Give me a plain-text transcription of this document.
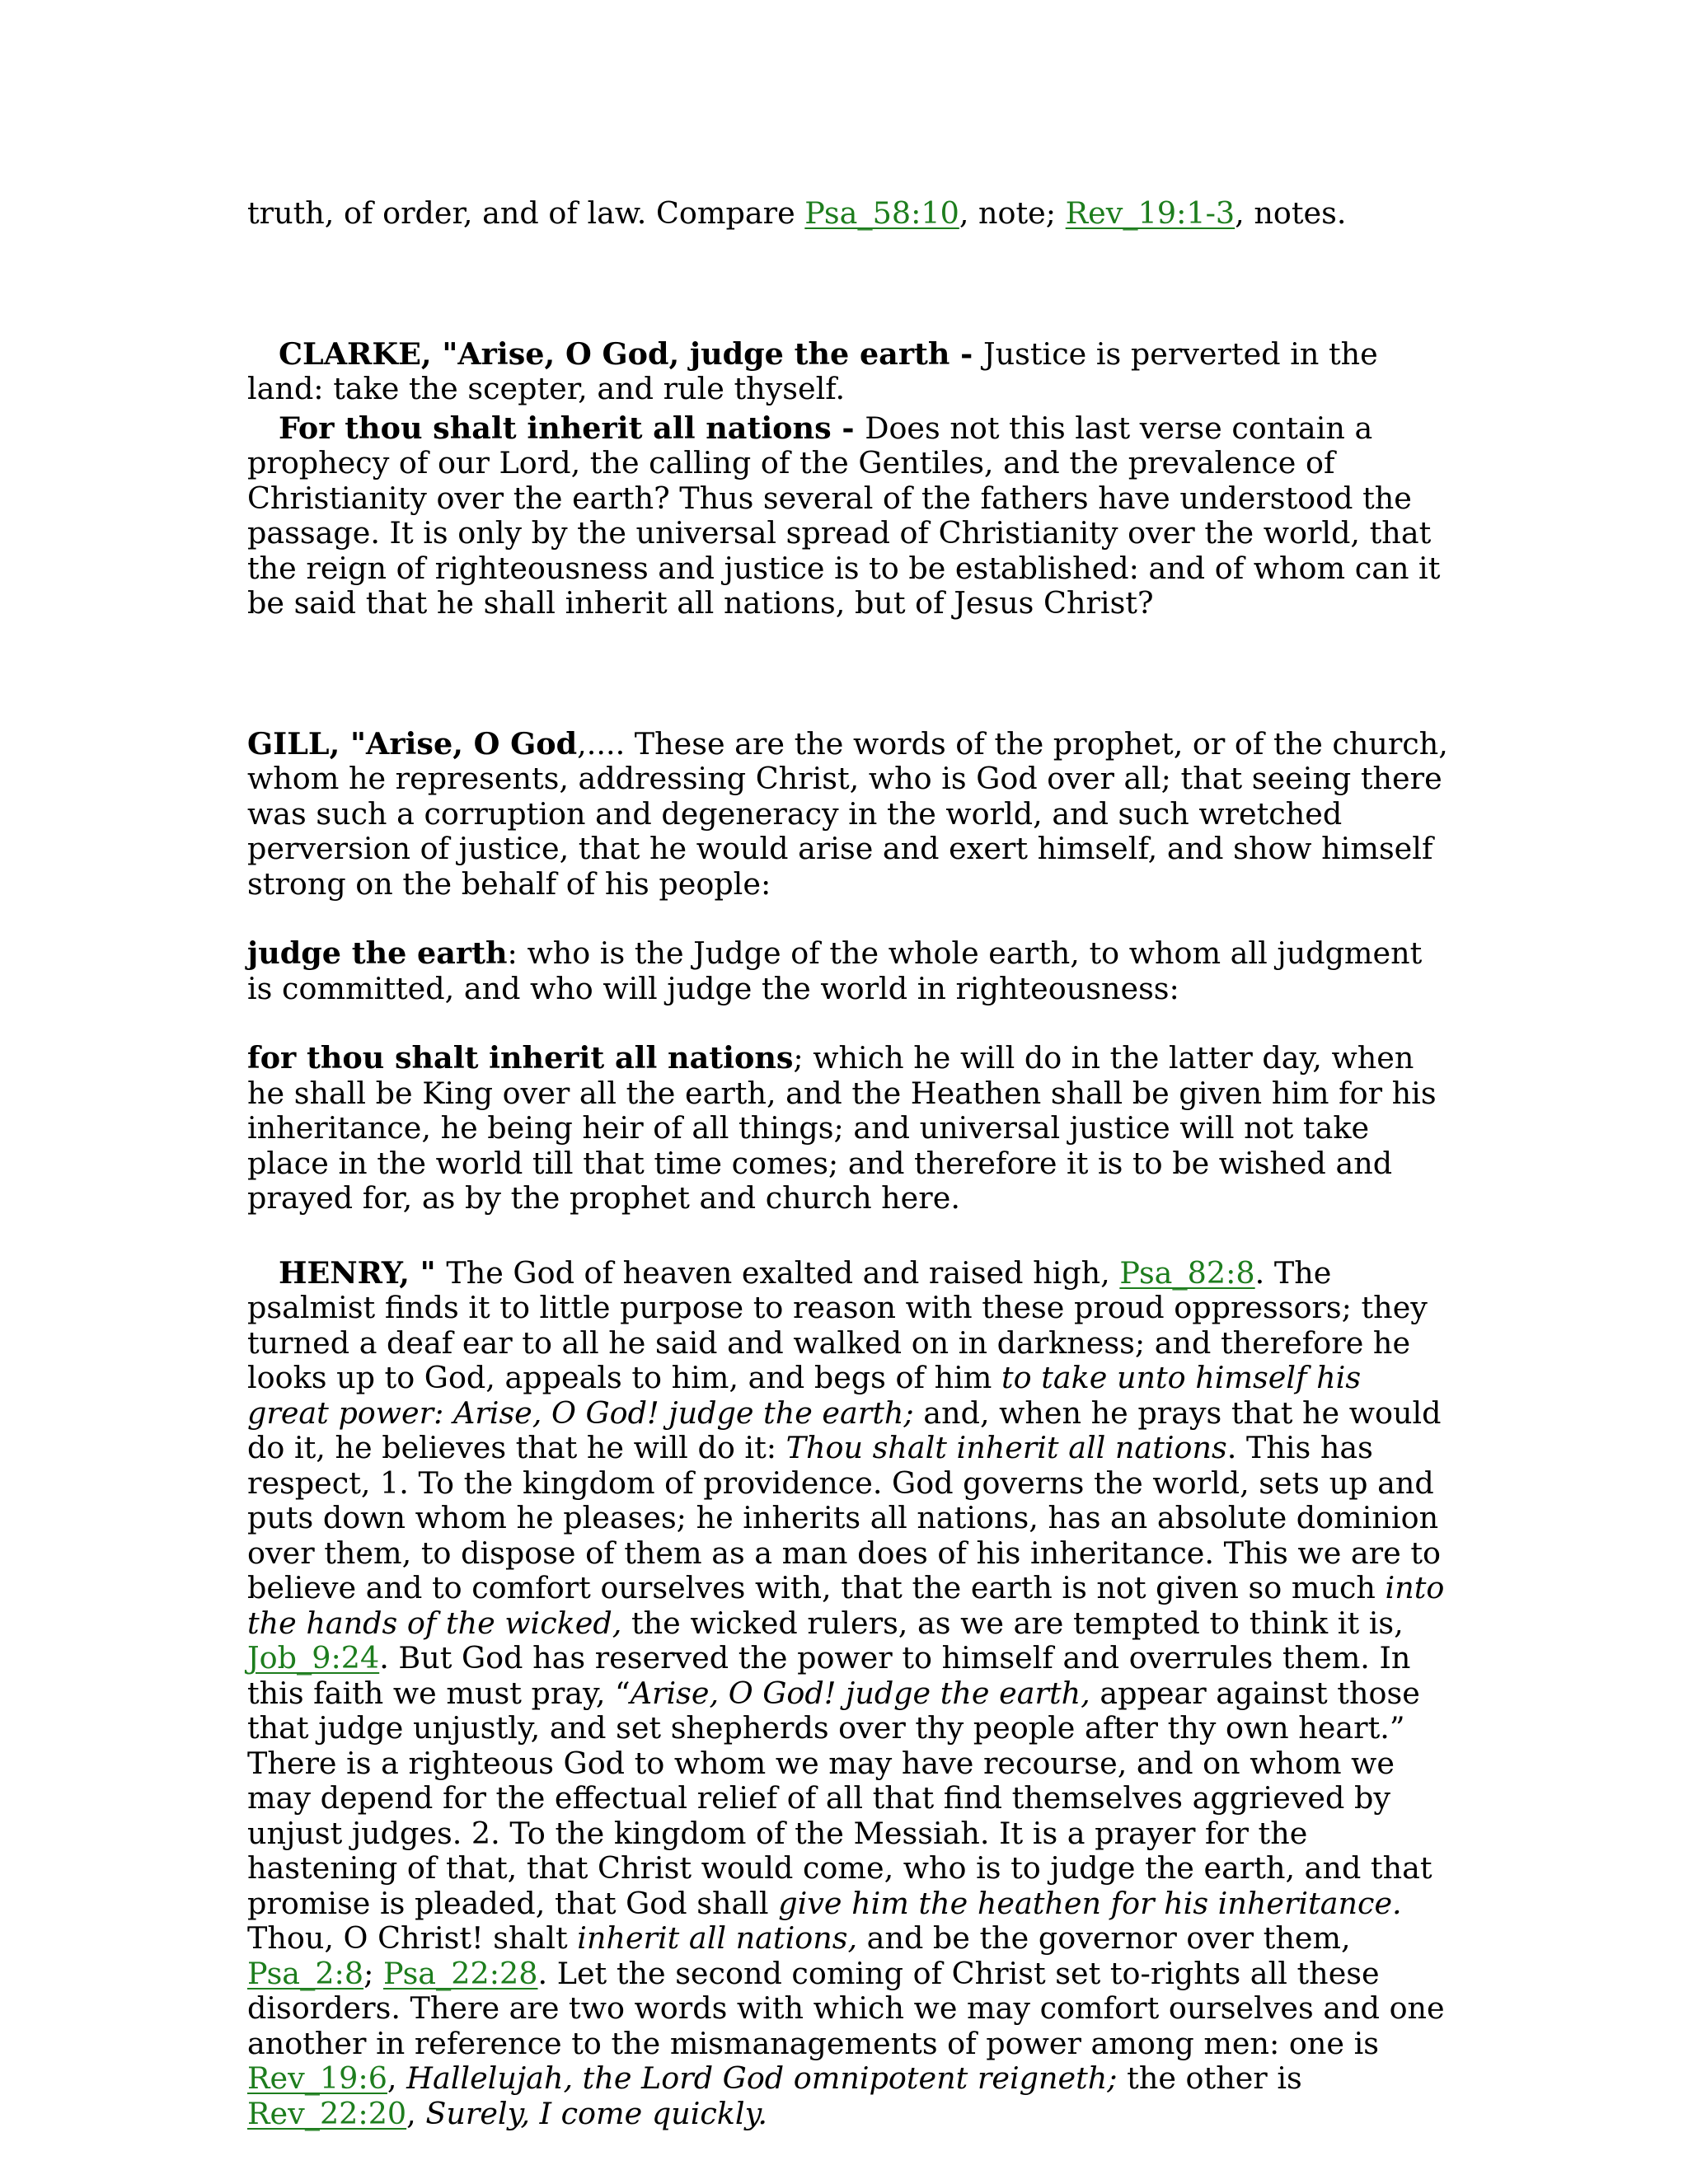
truth, of order, and of law. Compare Psa_58:10, note; Rev_19:1-3, notes.

CLARKE, "Arise, O God, judge the earth - Justice is perverted in the land: take the scepter, and rule thyself.

For thou shalt inherit all nations - Does not this last verse contain a prophecy of our Lord, the calling of the Gentiles, and the prevalence of Christianity over the earth? Thus several of the fathers have understood the passage. It is only by the universal spread of Christianity over the world, that the reign of righteousness and justice is to be established: and of whom can it be said that he shall inherit all nations, but of Jesus Christ?

GILL, "Arise, O God,.... These are the words of the prophet, or of the church, whom he represents, addressing Christ, who is God over all; that seeing there was such a corruption and degeneracy in the world, and such wretched perversion of justice, that he would arise and exert himself, and show himself strong on the behalf of his people:

judge the earth: who is the Judge of the whole earth, to whom all judgment is committed, and who will judge the world in righteousness:

for thou shalt inherit all nations; which he will do in the latter day, when he shall be King over all the earth, and the Heathen shall be given him for his inheritance, he being heir of all things; and universal justice will not take place in the world till that time comes; and therefore it is to be wished and prayed for, as by the prophet and church here.

HENRY, " The God of heaven exalted and raised high, Psa_82:8. The psalmist finds it to little purpose to reason with these proud oppressors; they turned a deaf ear to all he said and walked on in darkness; and therefore he looks up to God, appeals to him, and begs of him to take unto himself his great power: Arise, O God! judge the earth; and, when he prays that he would do it, he believes that he will do it: Thou shalt inherit all nations. This has respect, 1. To the kingdom of providence. God governs the world, sets up and puts down whom he pleases; he inherits all nations, has an absolute dominion over them, to dispose of them as a man does of his inheritance. This we are to believe and to comfort ourselves with, that the earth is not given so much into the hands of the wicked, the wicked rulers, as we are tempted to think it is, Job_9:24. But God has reserved the power to himself and overrules them. In this faith we must pray, “Arise, O God! judge the earth, appear against those that judge unjustly, and set shepherds over thy people after thy own heart.” There is a righteous God to whom we may have recourse, and on whom we may depend for the effectual relief of all that find themselves aggrieved by unjust judges. 2. To the kingdom of the Messiah. It is a prayer for the hastening of that, that Christ would come, who is to judge the earth, and that promise is pleaded, that God shall give him the heathen for his inheritance. Thou, O Christ! shalt inherit all nations, and be the governor over them, Psa_2:8; Psa_22:28. Let the second coming of Christ set to-rights all these disorders. There are two words with which we may comfort ourselves and one another in reference to the mismanagements of power among men: one is Rev_19:6, Hallelujah, the Lord God omnipotent reigneth; the other is Rev_22:20, Surely, I come quickly.
